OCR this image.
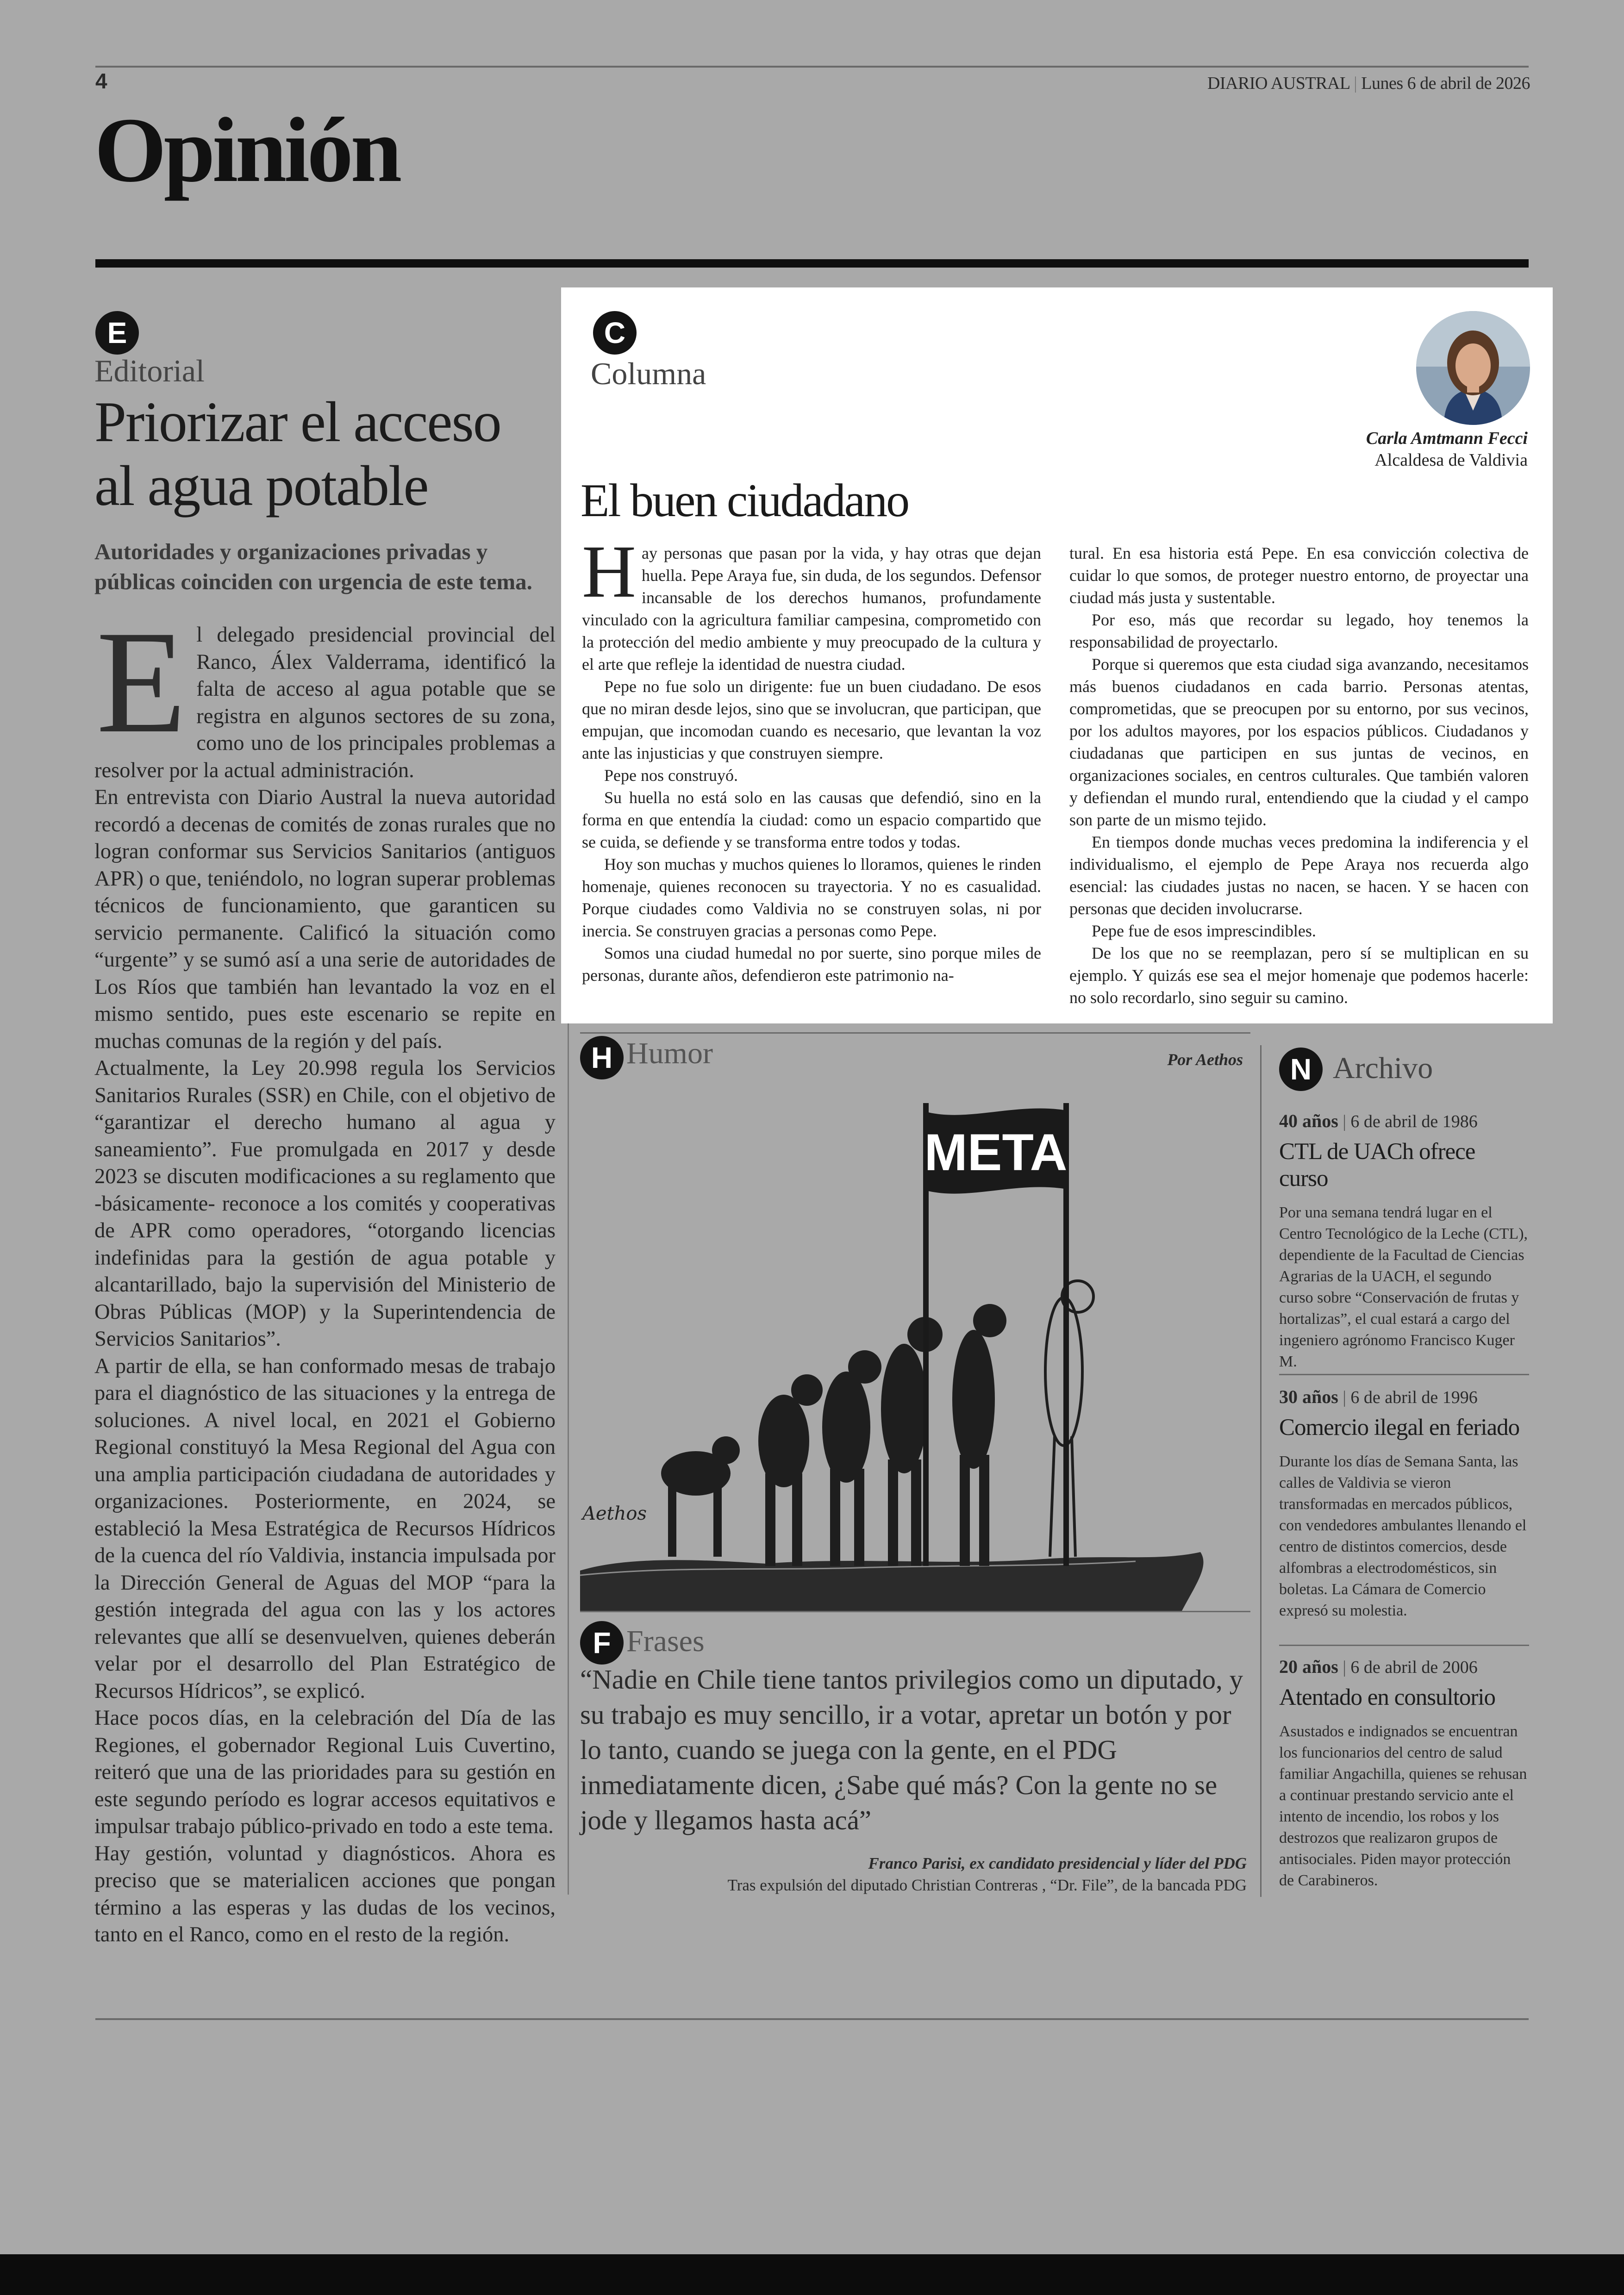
4	DIARIO AUSTRAL | Lunes 6 de abril de 2026
Opinión
E
Editorial
Priorizar el acceso
al agua potable
Autoridades y organizaciones privadas y públicas coinciden con urgencia de este tema.
E l delegado presidencial provincial del Ranco, Álex Valderrama, identificó la falta de acceso al agua potable que se registra en algunos sectores de su zona, como uno de los principales problemas a resolver por la actual administración.

En entrevista con Diario Austral la nueva autoridad recordó a decenas de comités de zonas rurales que no logran conformar sus Servicios Sanitarios (antiguos APR) o que, teniéndolo, no logran superar problemas técnicos de funcionamiento, que garanticen su servicio permanente. Calificó la situación como “urgente” y se sumó así a una serie de autoridades de Los Ríos que también han levantado la voz en el mismo sentido, pues este escenario se repite en muchas comunas de la región y del país.

Actualmente, la Ley 20.998 regula los Servicios Sanitarios Rurales (SSR) en Chile, con el objetivo de “garantizar el derecho humano al agua y saneamiento”. Fue promulgada en 2017 y desde 2023 se discuten modificaciones a su reglamento que -básicamente- reconoce a los comités y cooperativas de APR como operadores, “otorgando licencias indefinidas para la gestión de agua potable y alcantarillado, bajo la supervisión del Ministerio de Obras Públicas (MOP) y la Superintendencia de Servicios Sanitarios”.

A partir de ella, se han conformado mesas de trabajo para el diagnóstico de las situaciones y la entrega de soluciones. A nivel local, en 2021 el Gobierno Regional constituyó la Mesa Regional del Agua con una amplia participación ciudadana de autoridades y organizaciones. Posteriormente, en 2024, se estableció la Mesa Estratégica de Recursos Hídricos de la cuenca del río Valdivia, instancia impulsada por la Dirección General de Aguas del MOP “para la gestión integrada del agua con las y los actores relevantes que allí se desenvuelven, quienes deberán velar por el desarrollo del Plan Estratégico de Recursos Hídricos”, se explicó.

Hace pocos días, en la celebración del Día de las Regiones, el gobernador Regional Luis Cuvertino, reiteró que una de las prioridades para su gestión en este segundo período es lograr accesos equitativos e impulsar trabajo público-privado en todo a este tema.

Hay gestión, voluntad y diagnósticos. Ahora es preciso que se materialicen acciones que pongan término a las esperas y las dudas de los vecinos, tanto en el Ranco, como en el resto de la región.

C
Columna
Carla Amtmann Fecci
Alcaldesa de Valdivia
El buen ciudadano
H ay personas que pasan por la vida, y hay otras que dejan huella. Pepe Araya fue, sin duda, de los segundos. Defensor incansable de los derechos humanos, profundamente vinculado con la agricultura familiar campesina, comprometido con la protección del medio ambiente y muy preocupado de la cultura y el arte que refleje la identidad de nuestra ciudad.

Pepe no fue solo un dirigente: fue un buen ciudadano. De esos que no miran desde lejos, sino que se involucran, que participan, que empujan, que incomodan cuando es necesario, que levantan la voz ante las injusticias y que construyen siempre.

Pepe nos construyó.

Su huella no está solo en las causas que defendió, sino en la forma en que entendía la ciudad: como un espacio compartido que se cuida, se defiende y se transforma entre todos y todas.

Hoy son muchas y muchos quienes lo lloramos, quienes le rinden homenaje, quienes reconocen su trayectoria. Y no es casualidad. Porque ciudades como Valdivia no se construyen solas, ni por inercia. Se construyen gracias a personas como Pepe.

Somos una ciudad humedal no por suerte, sino porque miles de personas, durante años, defendieron este patrimonio na-

tural. En esa historia está Pepe. En esa convicción colectiva de cuidar lo que somos, de proteger nuestro entorno, de proyectar una ciudad más justa y sustentable.

Por eso, más que recordar su legado, hoy tenemos la responsabilidad de proyectarlo.

Porque si queremos que esta ciudad siga avanzando, necesitamos más buenos ciudadanos en cada barrio. Personas atentas, comprometidas, que se preocupen por su entorno, por sus vecinos, por los adultos mayores, por los espacios públicos. Ciudadanos y ciudadanas que participen en sus juntas de vecinos, en organizaciones sociales, en centros culturales. Que también valoren y defiendan el mundo rural, entendiendo que la ciudad y el campo son parte de un mismo tejido.

En tiempos donde muchas veces predomina la indiferencia y el individualismo, el ejemplo de Pepe Araya nos recuerda algo esencial: las ciudades justas no nacen, se hacen. Y se hacen con personas que deciden involucrarse.

Pepe fue de esos imprescindibles.

De los que no se reemplazan, pero sí se multiplican en su ejemplo. Y quizás ese sea el mejor homenaje que podemos hacerle: no solo recordarlo, sino seguir su camino.

H Humor	Por Aethos
META
Aethos
F Frases
“Nadie en Chile tiene tantos privilegios como un diputado, y su trabajo es muy sencillo, ir a votar, apretar un botón y por lo tanto, cuando se juega con la gente, en el PDG inmediatamente dicen, ¿Sabe qué más? Con la gente no se jode y llegamos hasta acá”
Franco Parisi, ex candidato presidencial y líder del PDG
Tras expulsión del diputado Christian Contreras , “Dr. File”, de la bancada PDG
N Archivo
40 años | 6 de abril de 1986
CTL de UACh ofrece curso
Por una semana tendrá lugar en el Centro Tecnológico de la Leche (CTL), dependiente de la Facultad de Ciencias Agrarias de la UACH, el segundo curso sobre “Conservación de frutas y hortalizas”, el cual estará a cargo del ingeniero agrónomo Francisco Kuger M.
30 años | 6 de abril de 1996
Comercio ilegal en feriado
Durante los días de Semana Santa, las calles de Valdivia se vieron transformadas en mercados públicos, con vendedores ambulantes llenando el centro de distintos comercios, desde alfombras a electrodomésticos, sin boletas. La Cámara de Comercio expresó su molestia.
20 años | 6 de abril de 2006
Atentado en consultorio
Asustados e indignados se encuentran los funcionarios del centro de salud familiar Angachilla, quienes se rehusan a continuar prestando servicio ante el intento de incendio, los robos y los destrozos que realizaron grupos de antisociales. Piden mayor protección de Carabineros.
